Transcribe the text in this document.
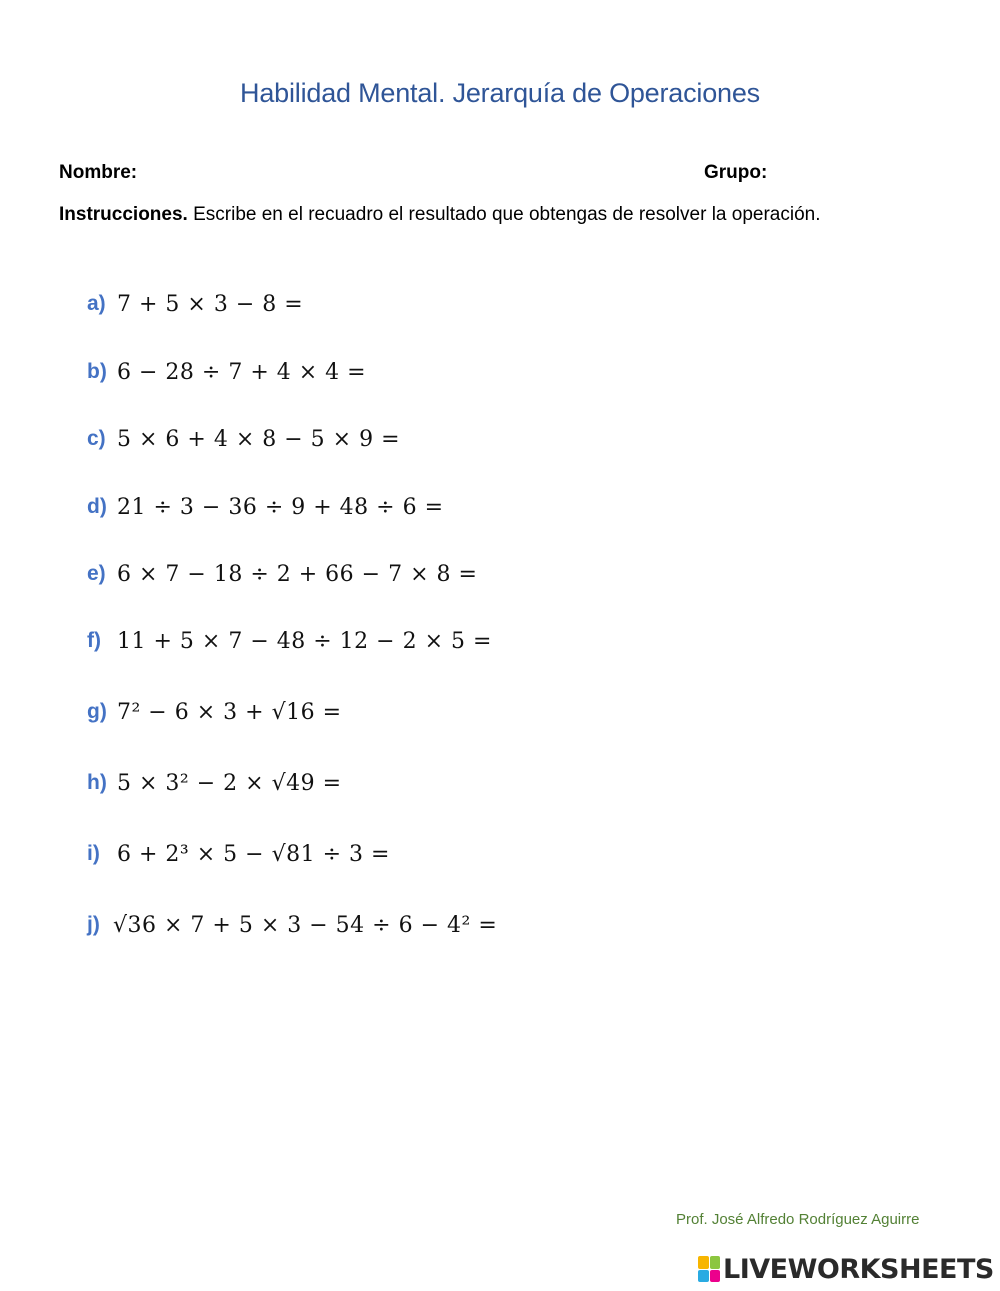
Habilidad Mental. Jerarquía de Operaciones
Nombre:	Grupo:
Instrucciones. Escribe en el recuadro el resultado que obtengas de resolver la operación.
a) 7 + 5 × 3 − 8 =
b) 6 − 28 ÷ 7 + 4 × 4 =
c) 5 × 6 + 4 × 8 − 5 × 9 =
d) 21 ÷ 3 − 36 ÷ 9 + 48 ÷ 6 =
e) 6 × 7 − 18 ÷ 2 + 66 − 7 × 8 =
f) 11 + 5 × 7 − 48 ÷ 12 − 2 × 5 =
g) 7² − 6 × 3 + √16 =
h) 5 × 3² − 2 × √49 =
i) 6 + 2³ × 5 − √81 ÷ 3 =
j) √36 × 7 + 5 × 3 − 54 ÷ 6 − 4² =
Prof. José Alfredo Rodríguez Aguirre
LIVEWORKSHEETS
